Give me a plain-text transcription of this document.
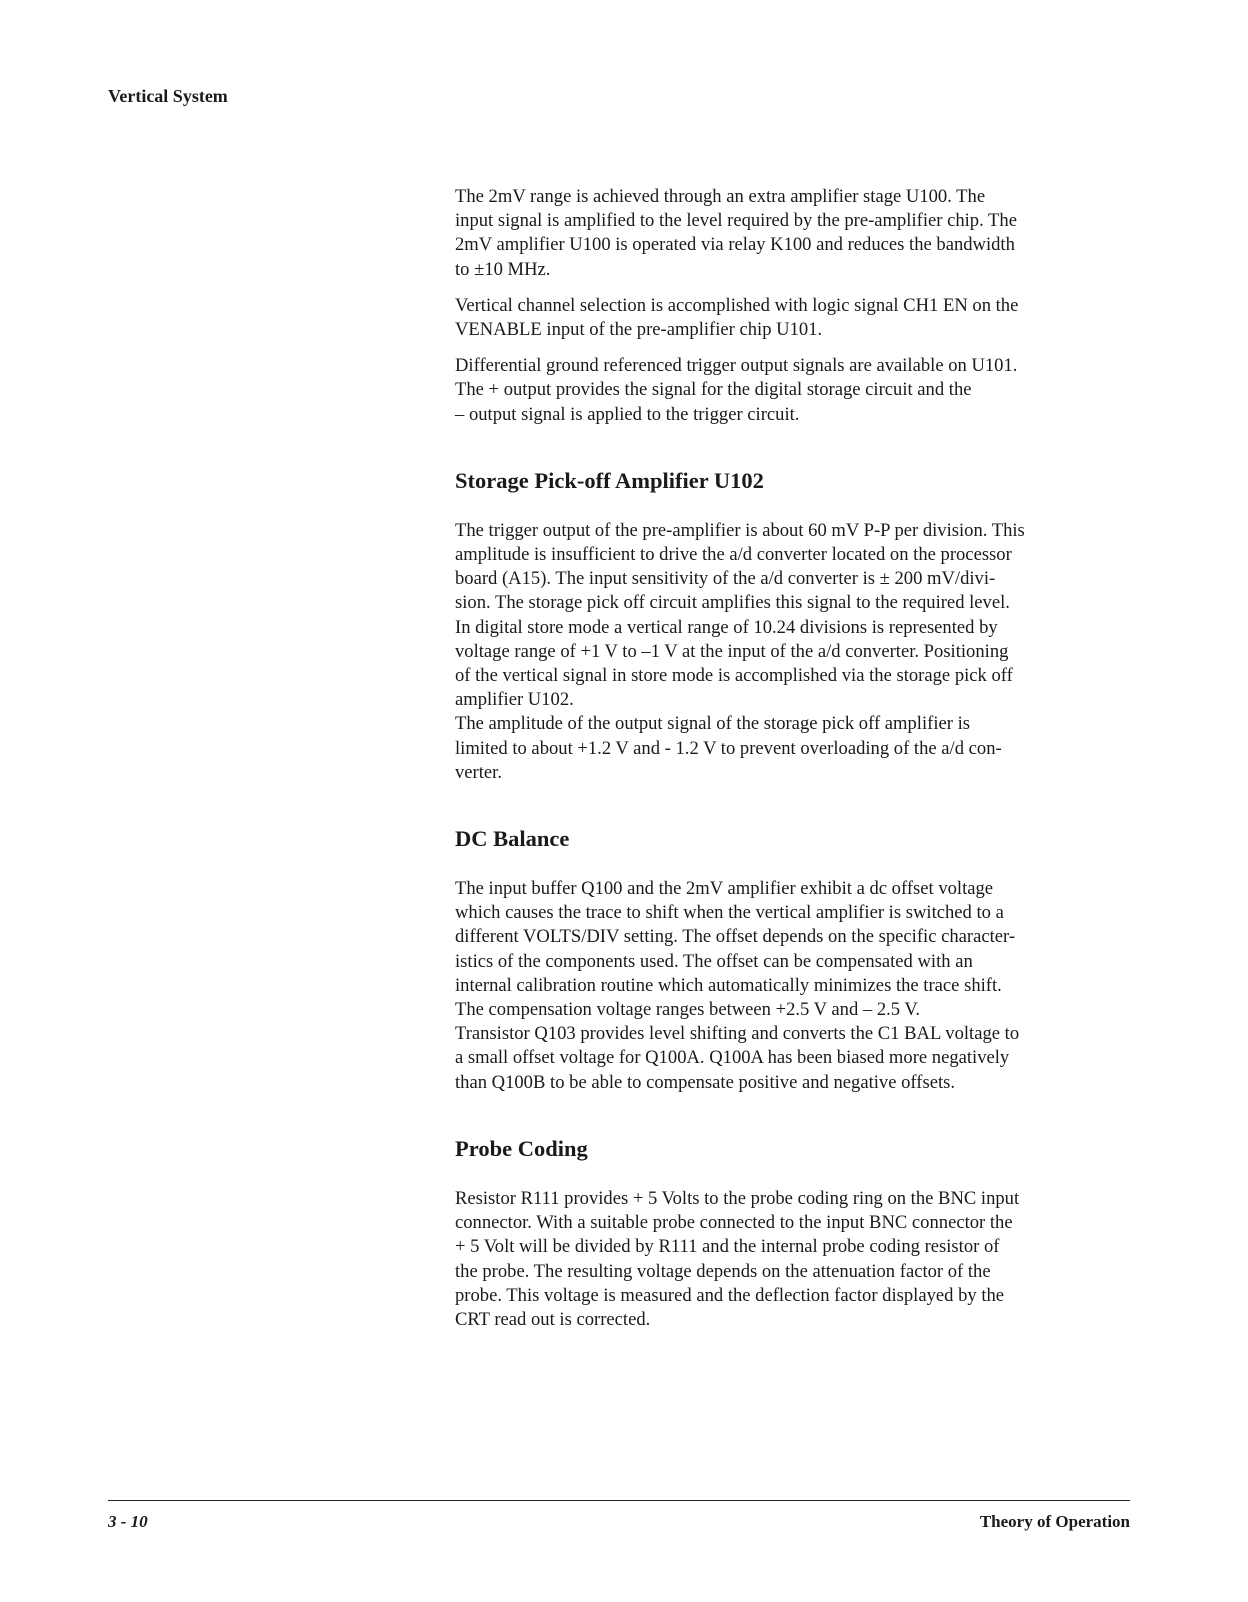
Vertical System

The 2mV range is achieved through an extra amplifier stage U100. The
input signal is amplified to the level required by the pre-amplifier chip. The
2mV amplifier U100 is operated via relay K100 and reduces the bandwidth
to ±10 MHz.

Vertical channel selection is accomplished with logic signal CH1 EN on the
VENABLE input of the pre-amplifier chip U101.

Differential ground referenced trigger output signals are available on U101.
The + output provides the signal for the digital storage circuit and the
– output signal is applied to the trigger circuit.

Storage Pick-off Amplifier U102

The trigger output of the pre-amplifier is about 60 mV P-P per division. This
amplitude is insufficient to drive the a/d converter located on the processor
board (A15). The input sensitivity of the a/d converter is ± 200 mV/divi-
sion. The storage pick off circuit amplifies this signal to the required level.
In digital store mode a vertical range of 10.24 divisions is represented by
voltage range of +1 V to –1 V at the input of the a/d converter. Positioning
of the vertical signal in store mode is accomplished via the storage pick off
amplifier U102.
The amplitude of the output signal of the storage pick off amplifier is
limited to about +1.2 V and - 1.2 V to prevent overloading of the a/d con-
verter.

DC Balance

The input buffer Q100 and the 2mV amplifier exhibit a dc offset voltage
which causes the trace to shift when the vertical amplifier is switched to a
different VOLTS/DIV setting. The offset depends on the specific character-
istics of the components used. The offset can be compensated with an
internal calibration routine which automatically minimizes the trace shift.
The compensation voltage ranges between +2.5 V and – 2.5 V.
Transistor Q103 provides level shifting and converts the C1 BAL voltage to
a small offset voltage for Q100A. Q100A has been biased more negatively
than Q100B to be able to compensate positive and negative offsets.

Probe Coding

Resistor R111 provides + 5 Volts to the probe coding ring on the BNC input
connector. With a suitable probe connected to the input BNC connector the
+ 5 Volt will be divided by R111 and the internal probe coding resistor of
the probe. The resulting voltage depends on the attenuation factor of the
probe. This voltage is measured and the deflection factor displayed by the
CRT read out is corrected.

3 - 10	Theory of Operation
